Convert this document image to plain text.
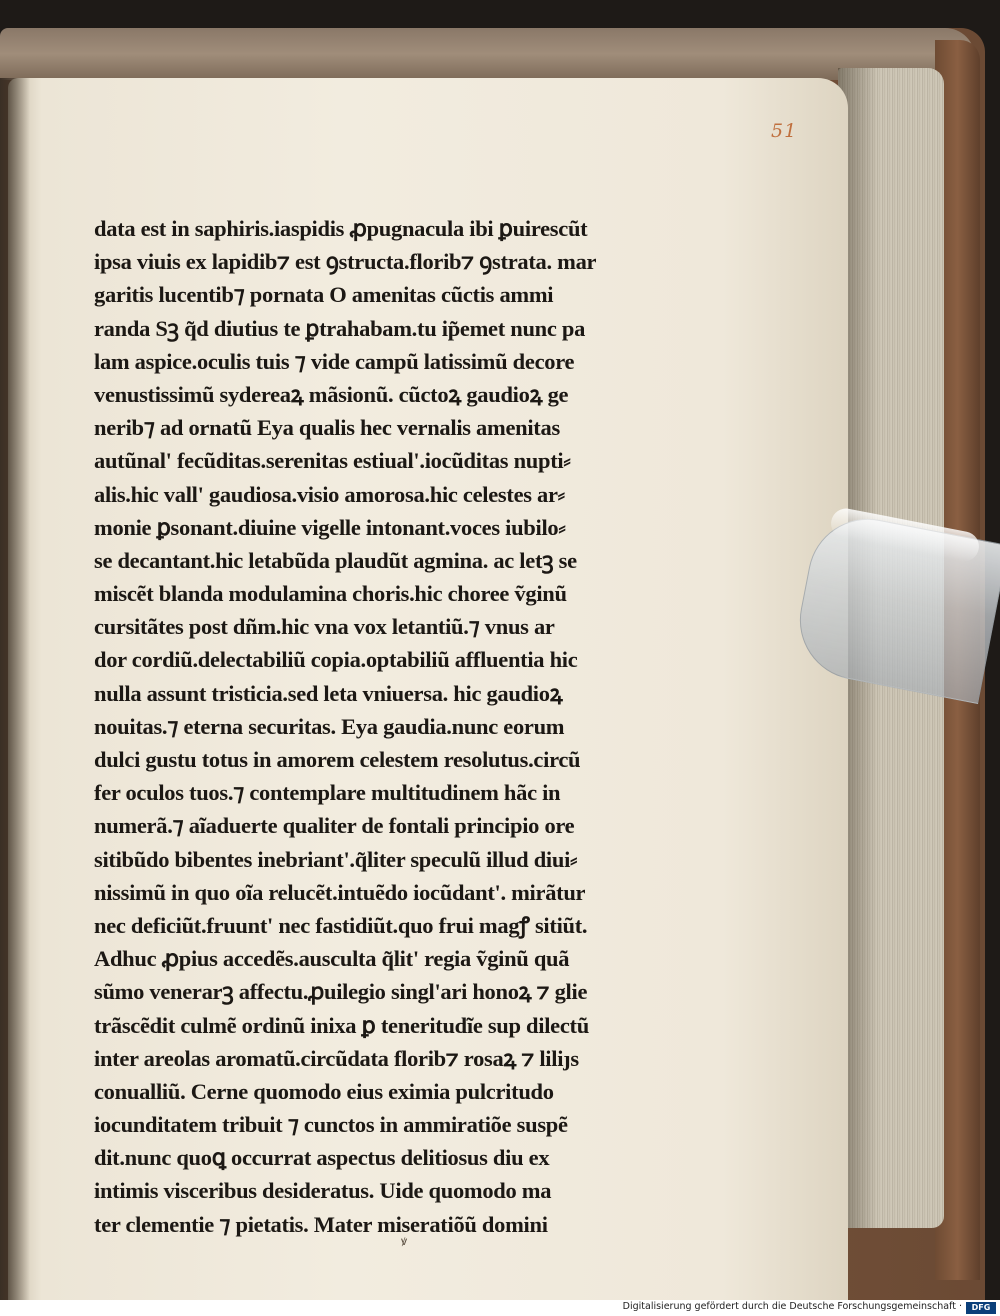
51
data est in saphiris.iaspidis ꝓpugnacula ibi ꝑuirescũt
ipsa viuis ex lapidib⁊ est ꝯstructa.florib⁊ ꝯstrata. mar
garitis lucentib⁊ pornata O amenitas cũctis ammi
randa Sꝫ q̃d diutius te ꝑtrahabam.tu ip̃emet nunc pa
lam aspice.oculis tuis ⁊ vide campũ latissimũ decore
venustissimũ sydereaꝝ mãsionũ. cũctoꝝ gaudioꝝ ge
nerib⁊ ad ornatũ Eya qualis hec vernalis amenitas
autũnal' fecũditas.serenitas estiual'.iocũditas nupti⸗
alis.hic vall' gaudiosa.visio amorosa.hic celestes ar⸗
monie ꝑsonant.diuine vigelle intonant.voces iubilo⸗
se decantant.hic letabũda plaudũt agmina. ac letꝫ se
miscẽt blanda modulamina choris.hic choree ṽginũ
cursitãtes post dñm.hic vna vox letantiũ.⁊ vnus ar
dor cordiũ.delectabiliũ copia.optabiliũ affluentia hic
nulla assunt tristicia.sed leta vniuersa. hic gaudioꝝ
nouitas.⁊ eterna securitas. Eya gaudia.nunc eorum
dulci gustu totus in amorem celestem resolutus.circũ
fer oculos tuos.⁊ contemplare multitudinem hãc in
numerã.⁊ aĩaduerte qualiter de fontali principio ore
sitibũdo bibentes inebriant'.q̃liter speculũ illud diui⸗
nissimũ in quo oĩa relucẽt.intuẽdo iocũdant'. mirãtur
nec deficiũt.fruunt' nec fastidiũt.quo frui magꝭ sitiũt.
Adhuc ꝓpius accedẽs.ausculta q̃lit' regia ṽginũ quã
sũmo venerarꝫ affectu.ꝓuilegio singl'ari honoꝝ ⁊ glie
trãscẽdit culmẽ ordinũ inixa ꝑ teneritudĩe sup dilectũ
inter areolas aromatũ.circũdata florib⁊ rosaꝝ ⁊ liliȷs
conualliũ. Cerne quomodo eius eximia pulcritudo
iocunditatem tribuit ⁊ cunctos in ammiratiõe suspẽ
dit.nunc quoꝗ occurrat aspectus delitiosus diu ex
intimis visceribus desideratus. Uide quomodo ma
ter clementie ⁊ pietatis. Mater miseratiõũ domini
ꝟ
Digitalisierung gefördert durch die Deutsche Forschungsgemeinschaft ·	DFG
